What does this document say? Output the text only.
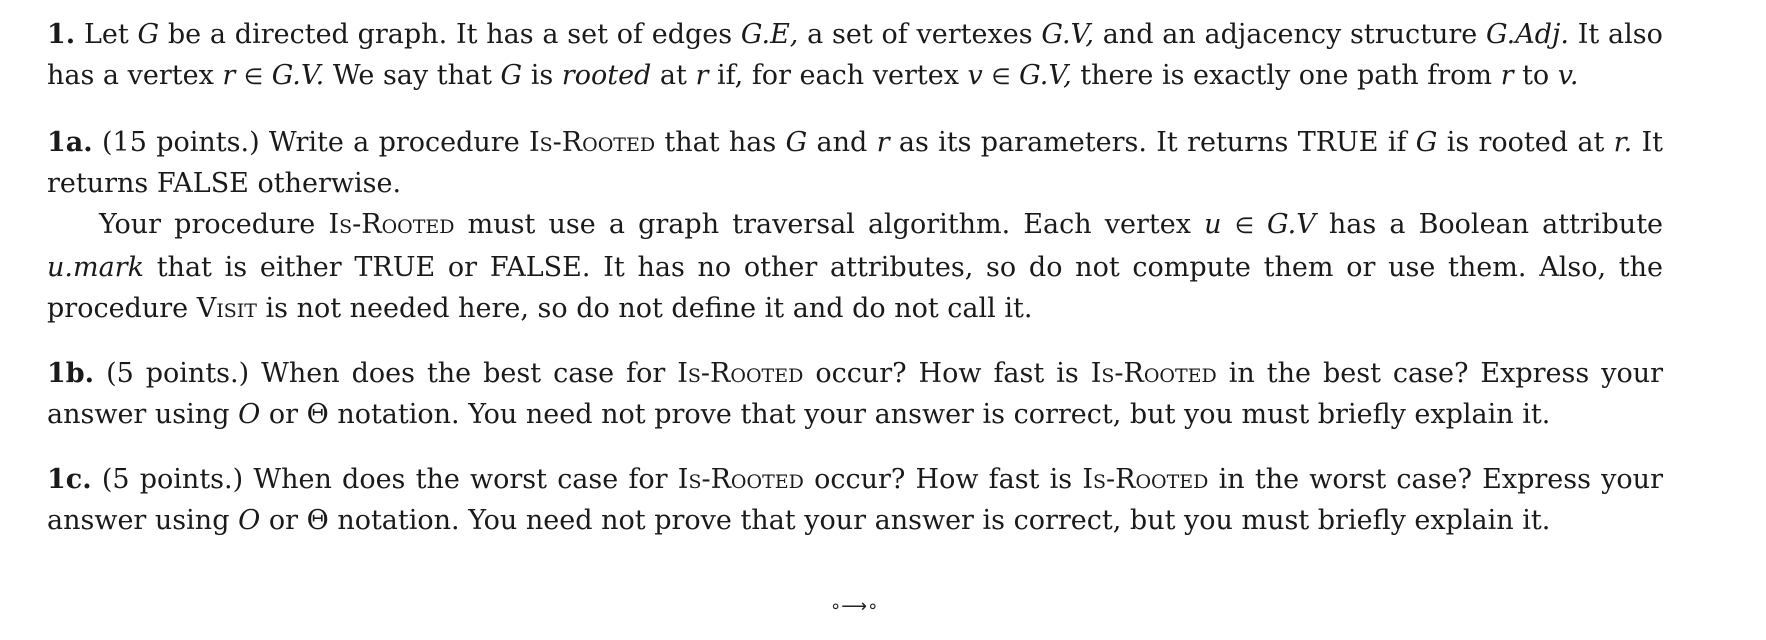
1. Let G be a directed graph. It has a set of edges G.E, a set of vertexes G.V, and an adjacency structure G.Adj. It also has a vertex r ∈ G.V. We say that G is rooted at r if, for each vertex v ∈ G.V, there is exactly one path from r to v.

1a. (15 points.) Write a procedure Is-Rooted that has G and r as its parameters. It returns TRUE if G is rooted at r. It returns FALSE otherwise.

Your procedure Is-Rooted must use a graph traversal algorithm. Each vertex u ∈ G.V has a Boolean attribute u.mark that is either TRUE or FALSE. It has no other attributes, so do not compute them or use them. Also, the procedure Visit is not needed here, so do not define it and do not call it.

1b. (5 points.) When does the best case for Is-Rooted occur? How fast is Is-Rooted in the best case? Express your answer using O or Θ notation. You need not prove that your answer is correct, but you must briefly explain it.

1c. (5 points.) When does the worst case for Is-Rooted occur? How fast is Is-Rooted in the worst case? Express your answer using O or Θ notation. You need not prove that your answer is correct, but you must briefly explain it.

∘⟶∘
